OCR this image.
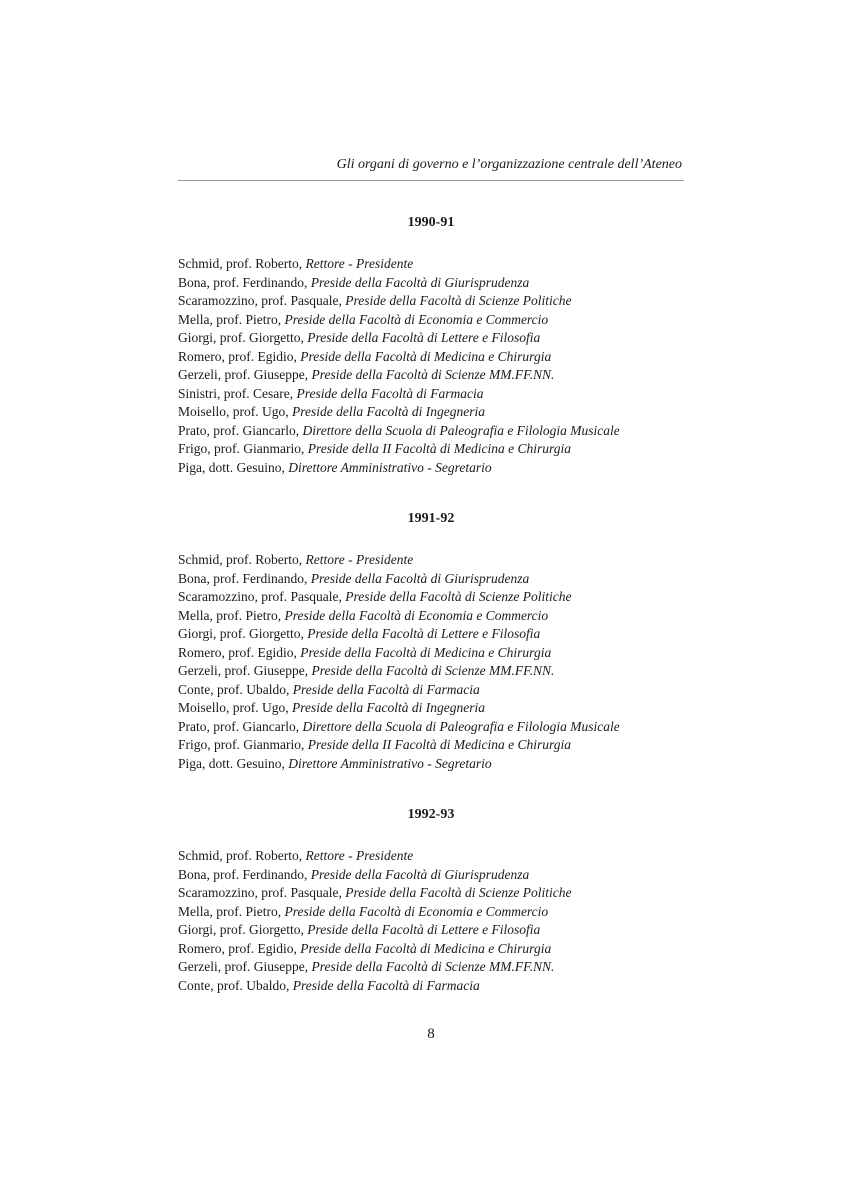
Gli organi di governo e l’organizzazione centrale dell’Ateneo
1990-91
Schmid, prof. Roberto, Rettore - Presidente
Bona, prof. Ferdinando, Preside della Facoltà di Giurisprudenza
Scaramozzino, prof. Pasquale, Preside della Facoltà di Scienze Politiche
Mella, prof. Pietro, Preside della Facoltà di Economia e Commercio
Giorgi, prof. Giorgetto, Preside della Facoltà di Lettere e Filosofia
Romero, prof. Egidio, Preside della Facoltà di Medicina e Chirurgia
Gerzeli, prof. Giuseppe, Preside della Facoltà di Scienze MM.FF.NN.
Sinistri, prof. Cesare, Preside della Facoltà di Farmacia
Moisello, prof. Ugo, Preside della Facoltà di Ingegneria
Prato, prof. Giancarlo, Direttore della Scuola di Paleografia e Filologia Musicale
Frigo, prof. Gianmario, Preside della II Facoltà di Medicina e Chirurgia
Piga, dott. Gesuino, Direttore Amministrativo - Segretario
1991-92
Schmid, prof. Roberto, Rettore - Presidente
Bona, prof. Ferdinando, Preside della Facoltà di Giurisprudenza
Scaramozzino, prof. Pasquale, Preside della Facoltà di Scienze Politiche
Mella, prof. Pietro, Preside della Facoltà di Economia e Commercio
Giorgi, prof. Giorgetto, Preside della Facoltà di Lettere e Filosofia
Romero, prof. Egidio, Preside della Facoltà di Medicina e Chirurgia
Gerzeli, prof. Giuseppe, Preside della Facoltà di Scienze MM.FF.NN.
Conte, prof. Ubaldo, Preside della Facoltà di Farmacia
Moisello, prof. Ugo, Preside della Facoltà di Ingegneria
Prato, prof. Giancarlo, Direttore della Scuola di Paleografia e Filologia Musicale
Frigo, prof. Gianmario, Preside della II Facoltà di Medicina e Chirurgia
Piga, dott. Gesuino, Direttore Amministrativo - Segretario
1992-93
Schmid, prof. Roberto, Rettore - Presidente
Bona, prof. Ferdinando, Preside della Facoltà di Giurisprudenza
Scaramozzino, prof. Pasquale, Preside della Facoltà di Scienze Politiche
Mella, prof. Pietro, Preside della Facoltà di Economia e Commercio
Giorgi, prof. Giorgetto, Preside della Facoltà di Lettere e Filosofia
Romero, prof. Egidio, Preside della Facoltà di Medicina e Chirurgia
Gerzeli, prof. Giuseppe, Preside della Facoltà di Scienze MM.FF.NN.
Conte, prof. Ubaldo, Preside della Facoltà di Farmacia
8
